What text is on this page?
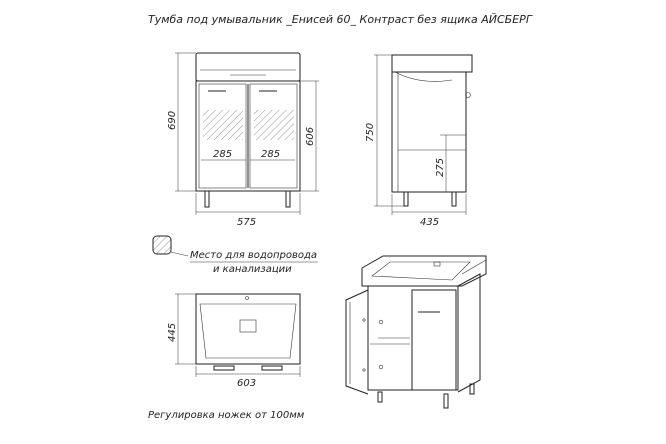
Тумба под умывальник _Енисей 60_ Контраст без ящика АЙСБЕРГ
690
606
285	285
575
750
275
435
Место для водопровода
и канализации
445
603
Регулировка ножек от 100мм
